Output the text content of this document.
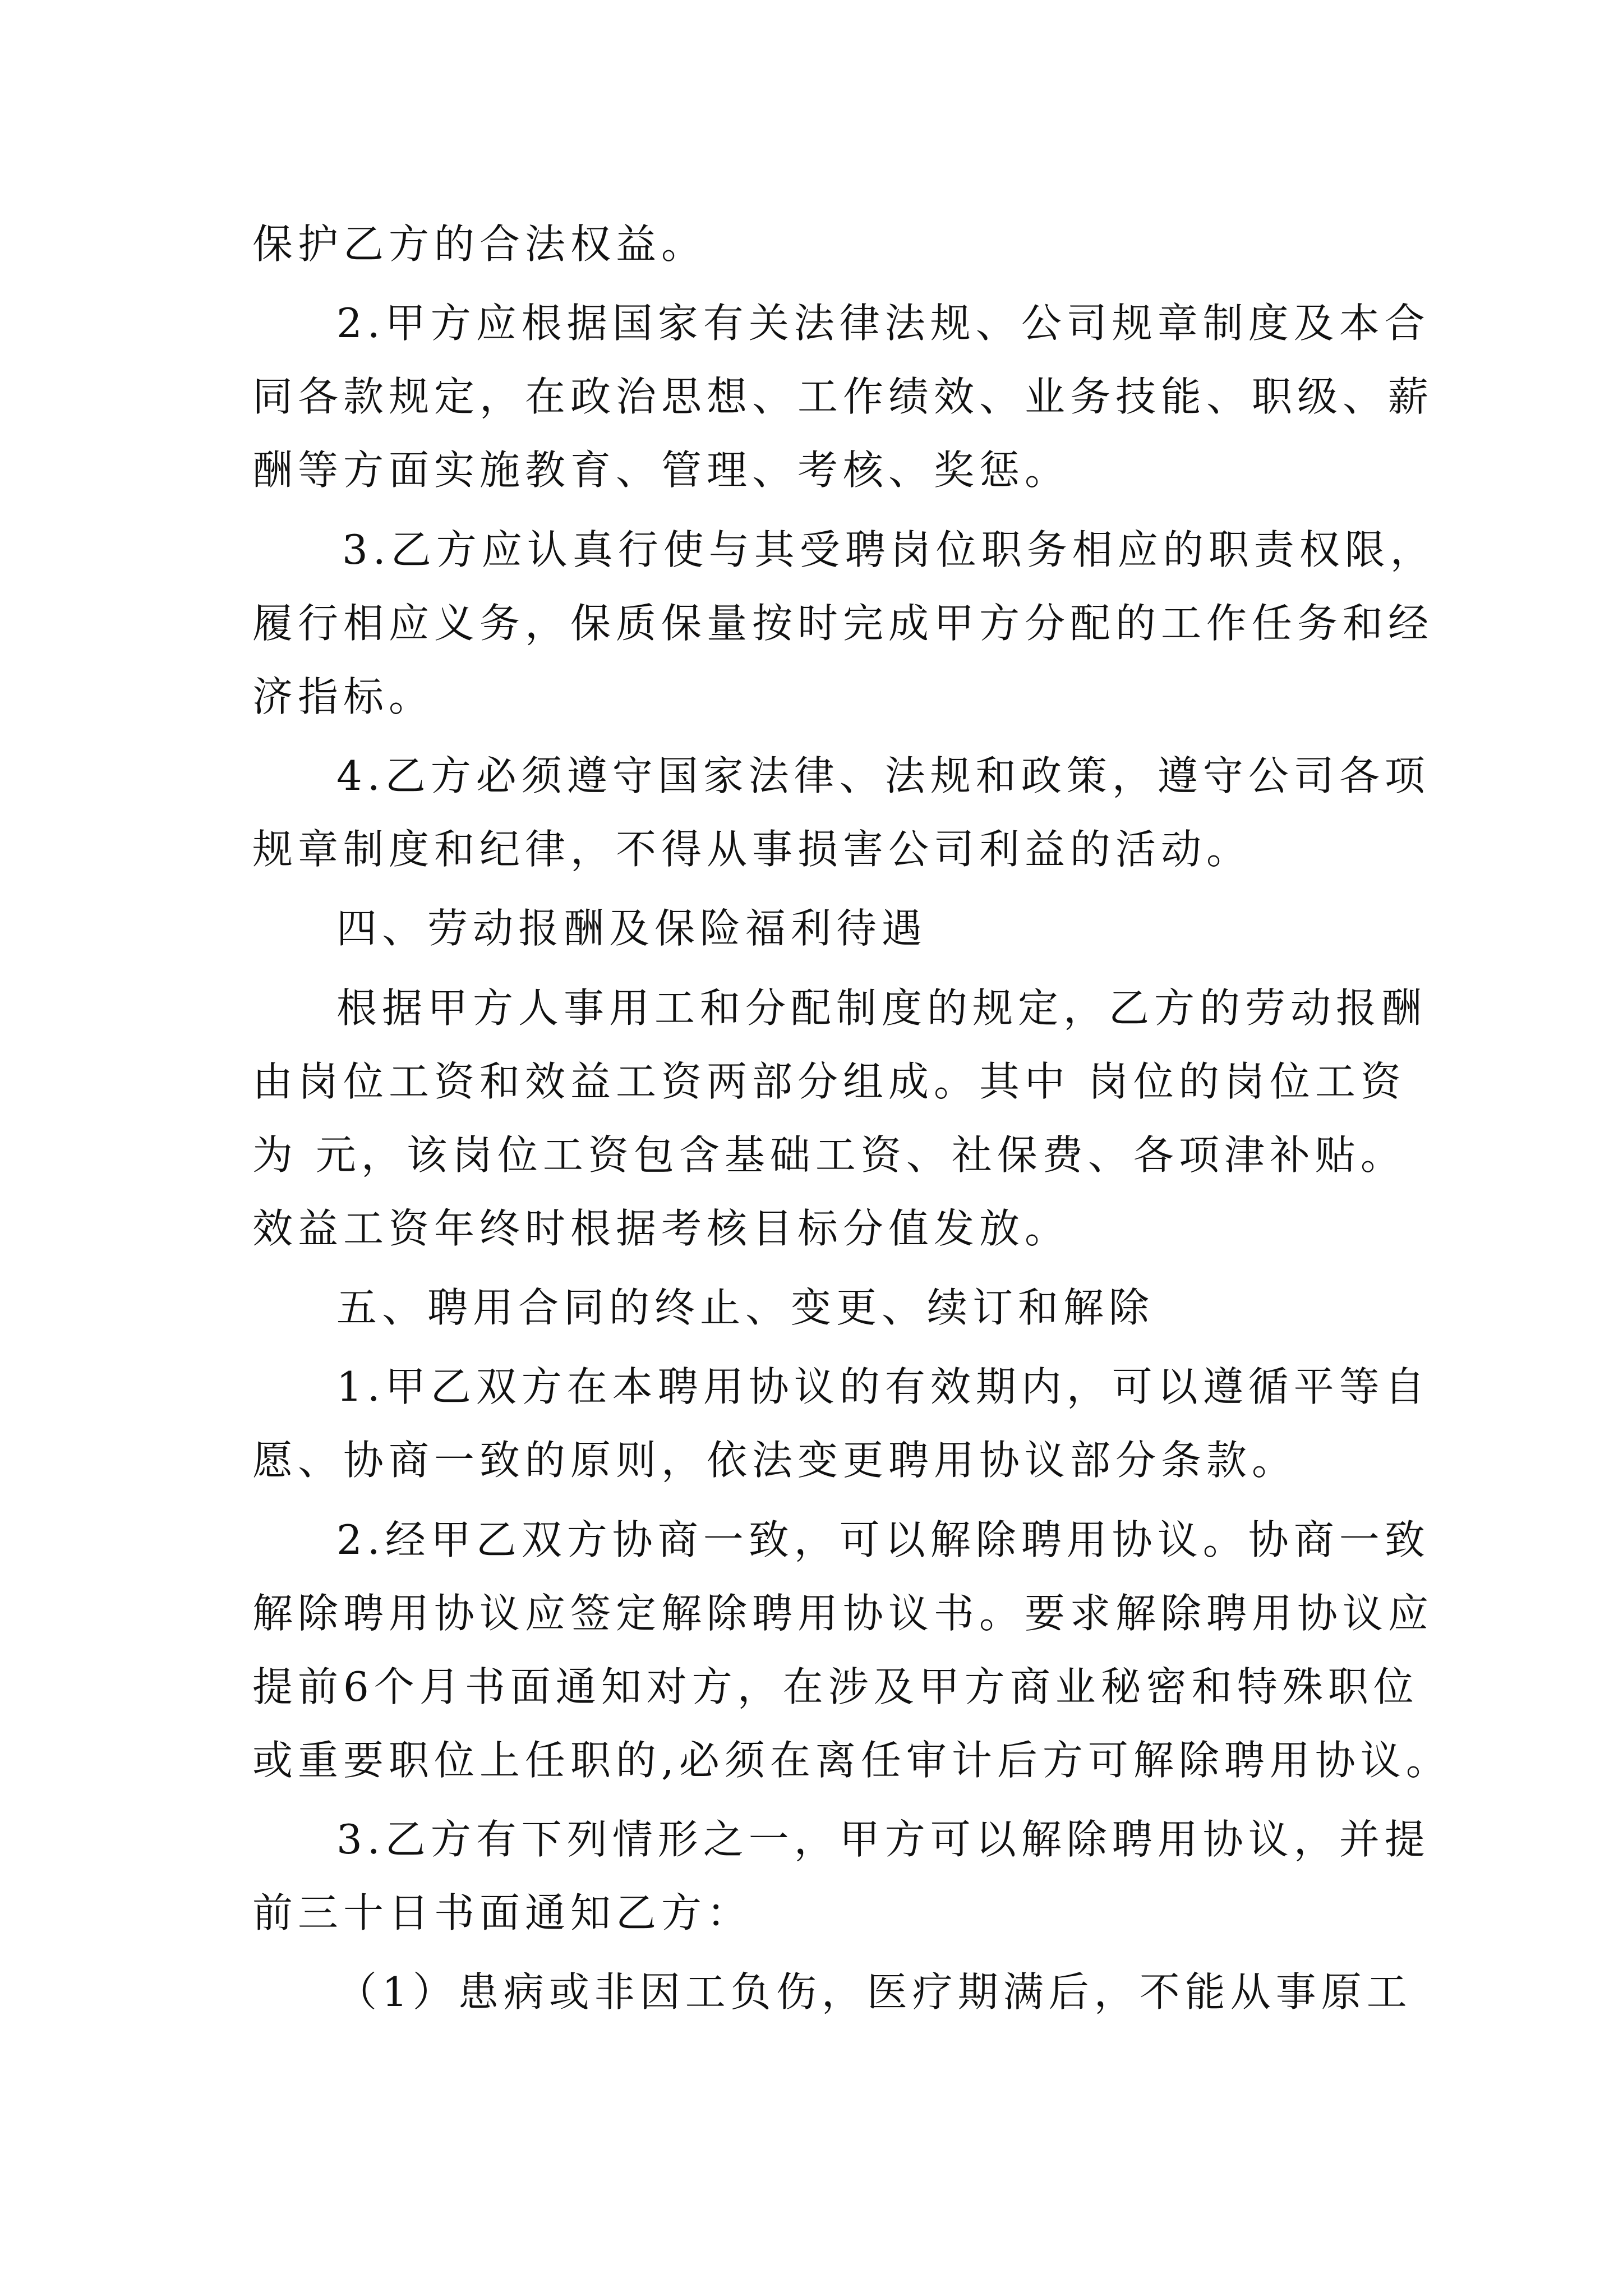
保护乙方的合法权益。
2.甲方应根据国家有关法律法规、公司规章制度及本合
同各款规定，在政治思想、工作绩效、业务技能、职级、薪
酬等方面实施教育、管理、考核、奖惩。
3.乙方应认真行使与其受聘岗位职务相应的职责权限，
履行相应义务，保质保量按时完成甲方分配的工作任务和经
济指标。
4.乙方必须遵守国家法律、法规和政策，遵守公司各项
规章制度和纪律，不得从事损害公司利益的活动。
四、劳动报酬及保险福利待遇
根据甲方人事用工和分配制度的规定，乙方的劳动报酬
由岗位工资和效益工资两部分组成。其中 岗位的岗位工资
为 元，该岗位工资包含基础工资、社保费、各项津补贴。
效益工资年终时根据考核目标分值发放。
五、聘用合同的终止、变更、续订和解除
1.甲乙双方在本聘用协议的有效期内，可以遵循平等自
愿、协商一致的原则，依法变更聘用协议部分条款。
2.经甲乙双方协商一致，可以解除聘用协议。协商一致
解除聘用协议应签定解除聘用协议书。要求解除聘用协议应
提前6个月书面通知对方，在涉及甲方商业秘密和特殊职位
或重要职位上任职的,必须在离任审计后方可解除聘用协议。
3.乙方有下列情形之一，甲方可以解除聘用协议，并提
前三十日书面通知乙方：
（1）患病或非因工负伤，医疗期满后，不能从事原工
